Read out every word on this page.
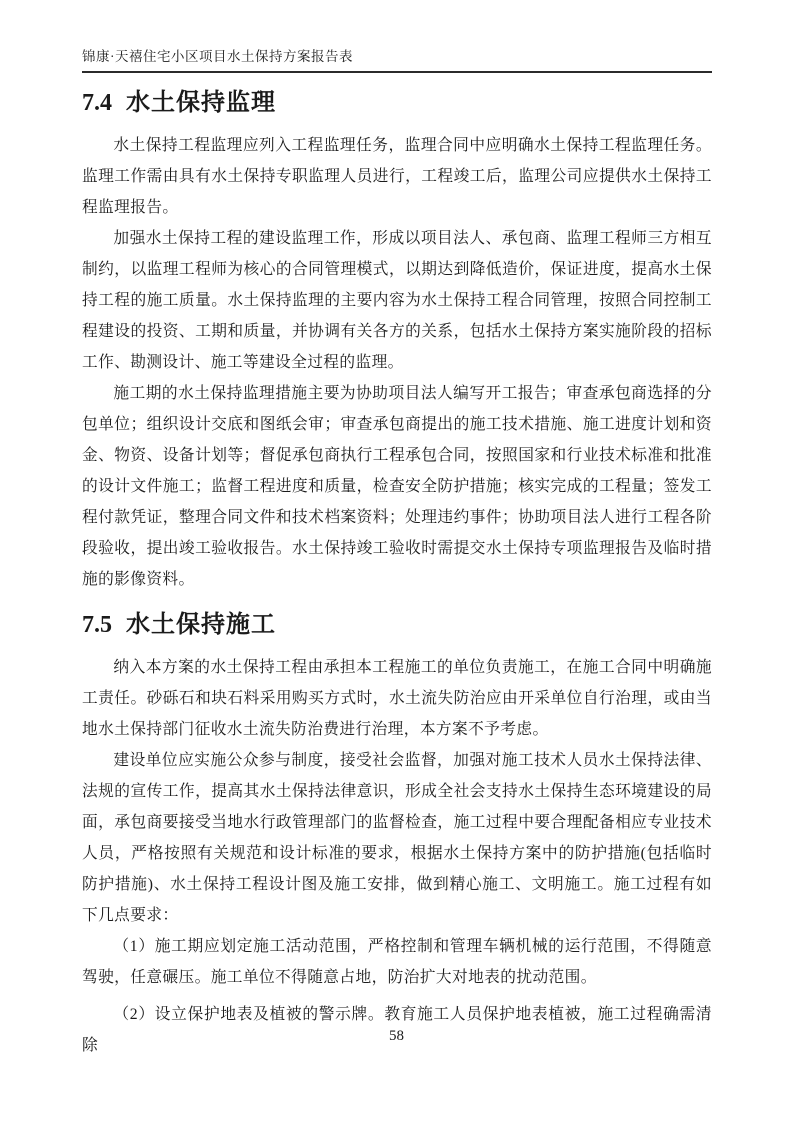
锦康·天禧住宅小区项目水土保持方案报告表
7.4 水土保持监理

水土保持工程监理应列入工程监理任务，监理合同中应明确水土保持工程监理任务。监理工作需由具有水土保持专职监理人员进行，工程竣工后，监理公司应提供水土保持工程监理报告。

加强水土保持工程的建设监理工作，形成以项目法人、承包商、监理工程师三方相互制约，以监理工程师为核心的合同管理模式，以期达到降低造价，保证进度，提高水土保持工程的施工质量。水土保持监理的主要内容为水土保持工程合同管理，按照合同控制工程建设的投资、工期和质量，并协调有关各方的关系，包括水土保持方案实施阶段的招标工作、勘测设计、施工等建设全过程的监理。

施工期的水土保持监理措施主要为协助项目法人编写开工报告；审查承包商选择的分包单位；组织设计交底和图纸会审；审查承包商提出的施工技术措施、施工进度计划和资金、物资、设备计划等；督促承包商执行工程承包合同，按照国家和行业技术标准和批准的设计文件施工；监督工程进度和质量，检查安全防护措施；核实完成的工程量；签发工程付款凭证，整理合同文件和技术档案资料；处理违约事件；协助项目法人进行工程各阶段验收，提出竣工验收报告。水土保持竣工验收时需提交水土保持专项监理报告及临时措施的影像资料。

7.5 水土保持施工

纳入本方案的水土保持工程由承担本工程施工的单位负责施工，在施工合同中明确施工责任。砂砾石和块石料采用购买方式时，水土流失防治应由开采单位自行治理，或由当地水土保持部门征收水土流失防治费进行治理，本方案不予考虑。

建设单位应实施公众参与制度，接受社会监督，加强对施工技术人员水土保持法律、法规的宣传工作，提高其水土保持法律意识，形成全社会支持水土保持生态环境建设的局面，承包商要接受当地水行政管理部门的监督检查，施工过程中要合理配备相应专业技术人员，严格按照有关规范和设计标准的要求，根据水土保持方案中的防护措施(包括临时防护措施)、水土保持工程设计图及施工安排，做到精心施工、文明施工。施工过程有如下几点要求：

（1）施工期应划定施工活动范围，严格控制和管理车辆机械的运行范围，不得随意驾驶，任意碾压。施工单位不得随意占地，防治扩大对地表的扰动范围。

（2）设立保护地表及植被的警示牌。教育施工人员保护地表植被，施工过程确需清除

58
